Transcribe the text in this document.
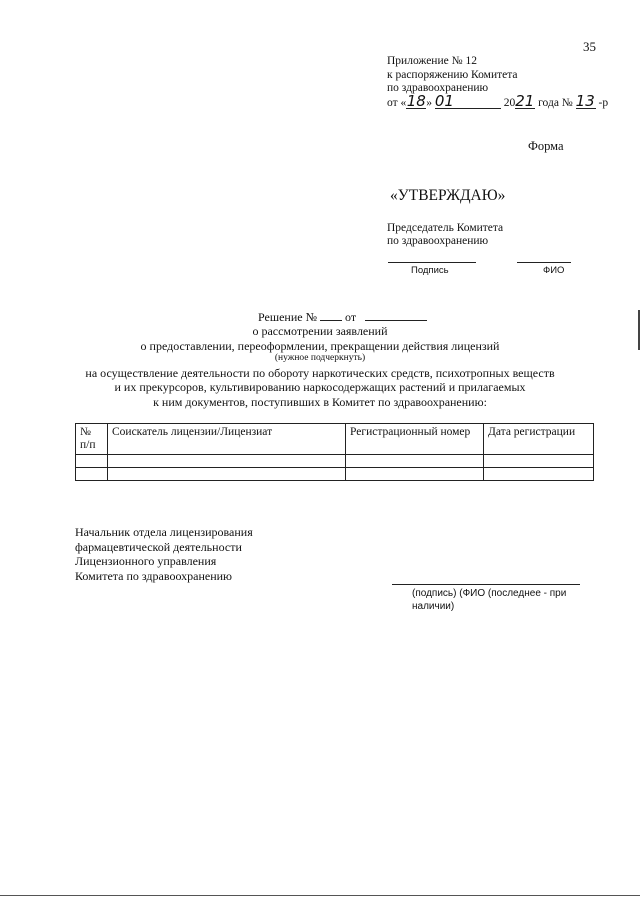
35
Приложение № 12
к распоряжению Комитета
по здравоохранению
от «18» 01	2021 года № 13 -р
Форма
«УТВЕРЖДАЮ»
Председатель Комитета
по здравоохранению
Подпись	ФИО
Решение № от
о рассмотрении заявлений
о предоставлении, переоформлении, прекращении действия лицензий
(нужное подчеркнуть)
на осуществление деятельности по обороту наркотических средств, психотропных веществ
и их прекурсоров, культивированию наркосодержащих растений и прилагаемых
к ним документов, поступивших в Комитет по здравоохранению:
№ п/п	Соискатель лицензии/Лицензиат	Регистрационный номер	Дата регистрации

Начальник отдела лицензирования
фармацевтической деятельности
Лицензионного управления
Комитета по здравоохранению
(подпись) (ФИО (последнее - при
наличии)
